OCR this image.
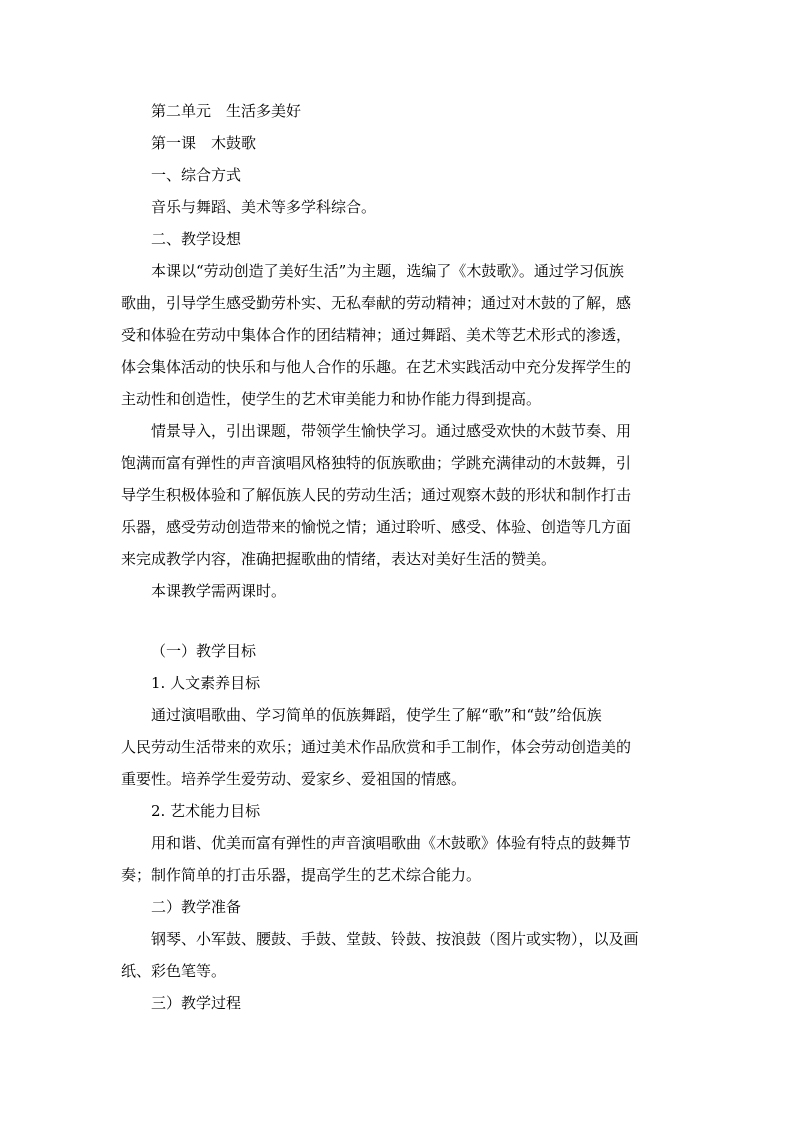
第二单元　生活多美好
第一课　木鼓歌
一、综合方式
音乐与舞蹈、美术等多学科综合。
二、教学设想
本课以“劳动创造了美好生活”为主题，选编了《木鼓歌》。通过学习佤族
歌曲，引导学生感受勤劳朴实、无私奉献的劳动精神；通过对木鼓的了解，感
受和体验在劳动中集体合作的团结精神；通过舞蹈、美术等艺术形式的渗透，
体会集体活动的快乐和与他人合作的乐趣。在艺术实践活动中充分发挥学生的
主动性和创造性，使学生的艺术审美能力和协作能力得到提高。
情景导入，引出课题，带领学生愉快学习。通过感受欢快的木鼓节奏、用
饱满而富有弹性的声音演唱风格独特的佤族歌曲；学跳充满律动的木鼓舞，引
导学生积极体验和了解佤族人民的劳动生活；通过观察木鼓的形状和制作打击
乐器，感受劳动创造带来的愉悦之情；通过聆听、感受、体验、创造等几方面
来完成教学内容，准确把握歌曲的情绪，表达对美好生活的赞美。
本课教学需两课时。
（一）教学目标
1. 人文素养目标
通过演唱歌曲、学习简单的佤族舞蹈，使学生了解“歌”和“鼓”给佤族
人民劳动生活带来的欢乐；通过美术作品欣赏和手工制作，体会劳动创造美的
重要性。培养学生爱劳动、爱家乡、爱祖国的情感。
2. 艺术能力目标
用和谐、优美而富有弹性的声音演唱歌曲《木鼓歌》体验有特点的鼓舞节
奏；制作简单的打击乐器，提高学生的艺术综合能力。
二）教学准备
钢琴、小军鼓、腰鼓、手鼓、堂鼓、铃鼓、按浪鼓（图片或实物），以及画
纸、彩色笔等。
三）教学过程
